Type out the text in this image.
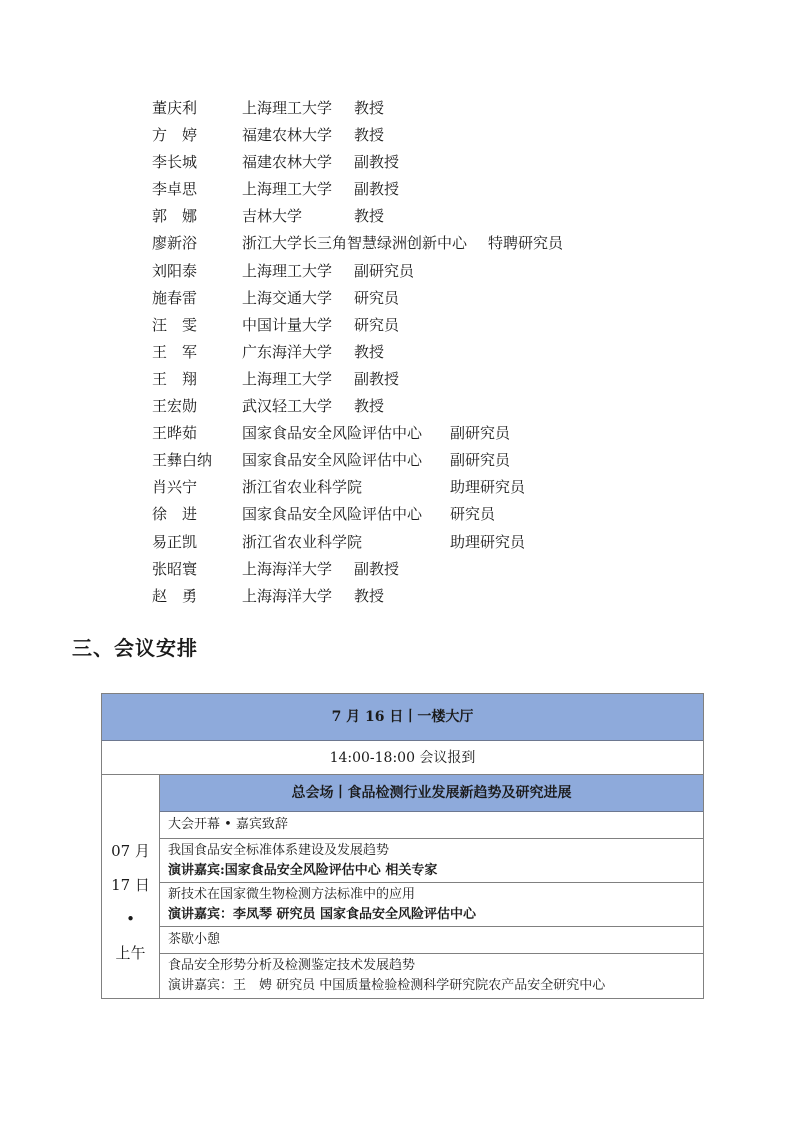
董庆利	上海理工大学 教授
方　婷	福建农林大学 教授
李长城	福建农林大学 副教授
李卓思	上海理工大学 副教授
郭　娜	吉林大学	教授
廖新浴	浙江大学长三角智慧绿洲创新中心 特聘研究员
刘阳泰	上海理工大学 副研究员
施春雷	上海交通大学 研究员
汪　雯	中国计量大学 研究员
王　军	广东海洋大学 教授
王　翔	上海理工大学 副教授
王宏勋	武汉轻工大学 教授
王晔茹	国家食品安全风险评估中心 副研究员
王彝白纳	国家食品安全风险评估中心 副研究员
肖兴宁	浙江省农业科学院	助理研究员
徐　进	国家食品安全风险评估中心 研究员
易正凯	浙江省农业科学院	助理研究员
张昭寰	上海海洋大学 副教授
赵　勇	上海海洋大学 教授
三、会议安排
7 月 16 日丨一楼大厅
14:00-18:00 会议报到
07 月
17 日
•
上午
总会场丨食品检测行业发展新趋势及研究进展
大会开幕 • 嘉宾致辞
我国食品安全标准体系建设及发展趋势
演讲嘉宾:国家食品安全风险评估中心 相关专家
新技术在国家微生物检测方法标准中的应用
演讲嘉宾：李凤琴 研究员 国家食品安全风险评估中心
茶歇小憩
食品安全形势分析及检测鉴定技术发展趋势
演讲嘉宾：王　娉 研究员 中国质量检验检测科学研究院农产品安全研究中心
